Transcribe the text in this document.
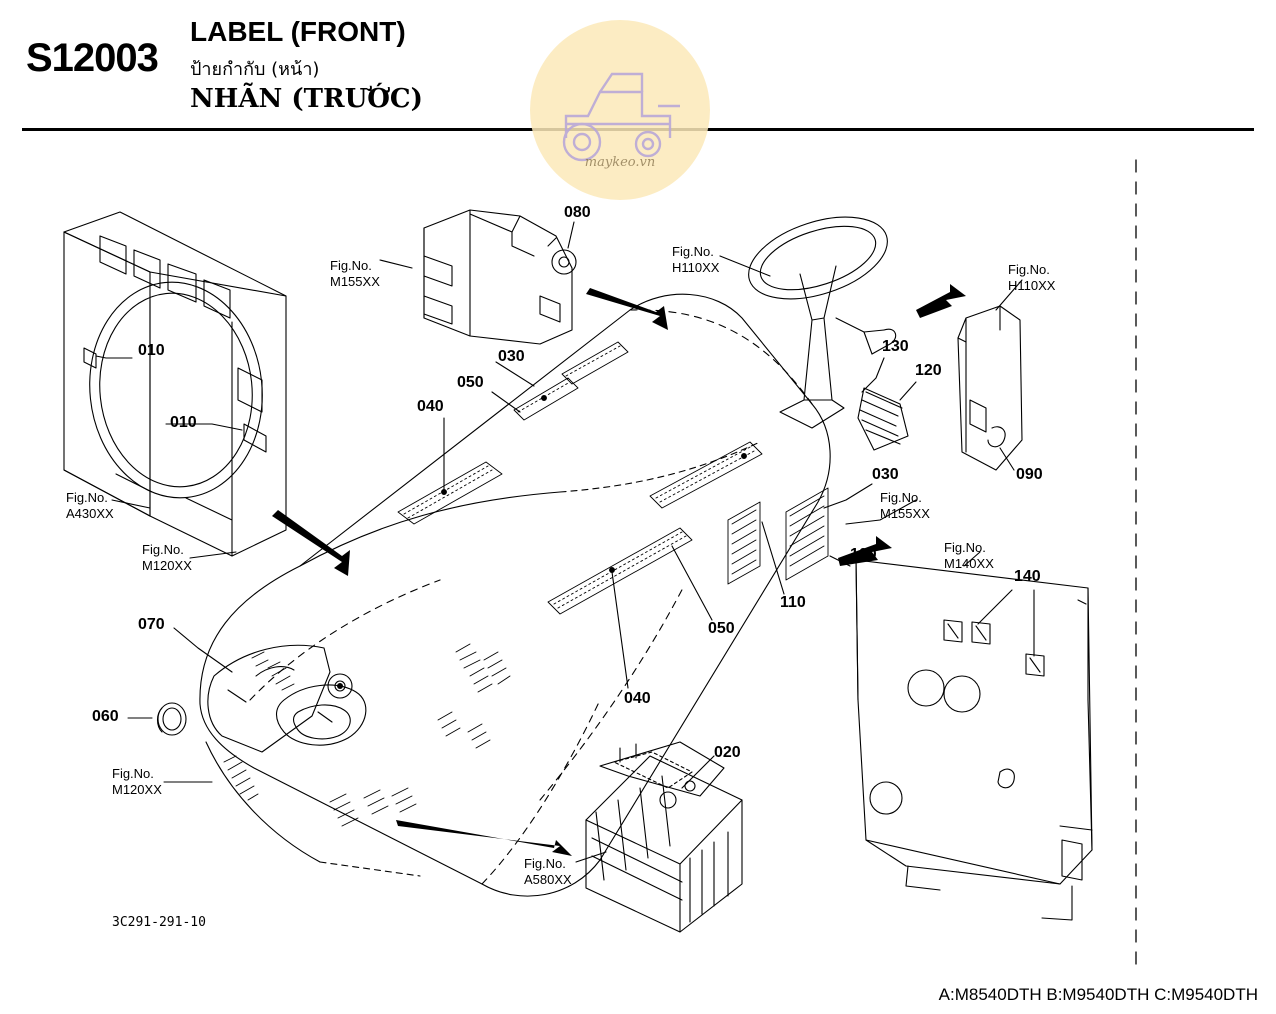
S12003
LABEL (FRONT)
ป้ายกำกับ (หน้า)
NHÃN (TRƯỚC)
maykeo.vn
010
010
080
030
050
040
130
120
030	090
100
140
110
050
070
040
060
020
Fig.No.
M155XX
Fig.No.
H110XX	Fig.No.
H110XX
Fig.No.
A430XX
Fig.No.
M155XX
Fig.No.
M140XX
Fig.No.
M120XX
Fig.No.
M120XX
Fig.No.
A580XX
3C291-291-10
A:M8540DTH B:M9540DTH C:M9540DTH
